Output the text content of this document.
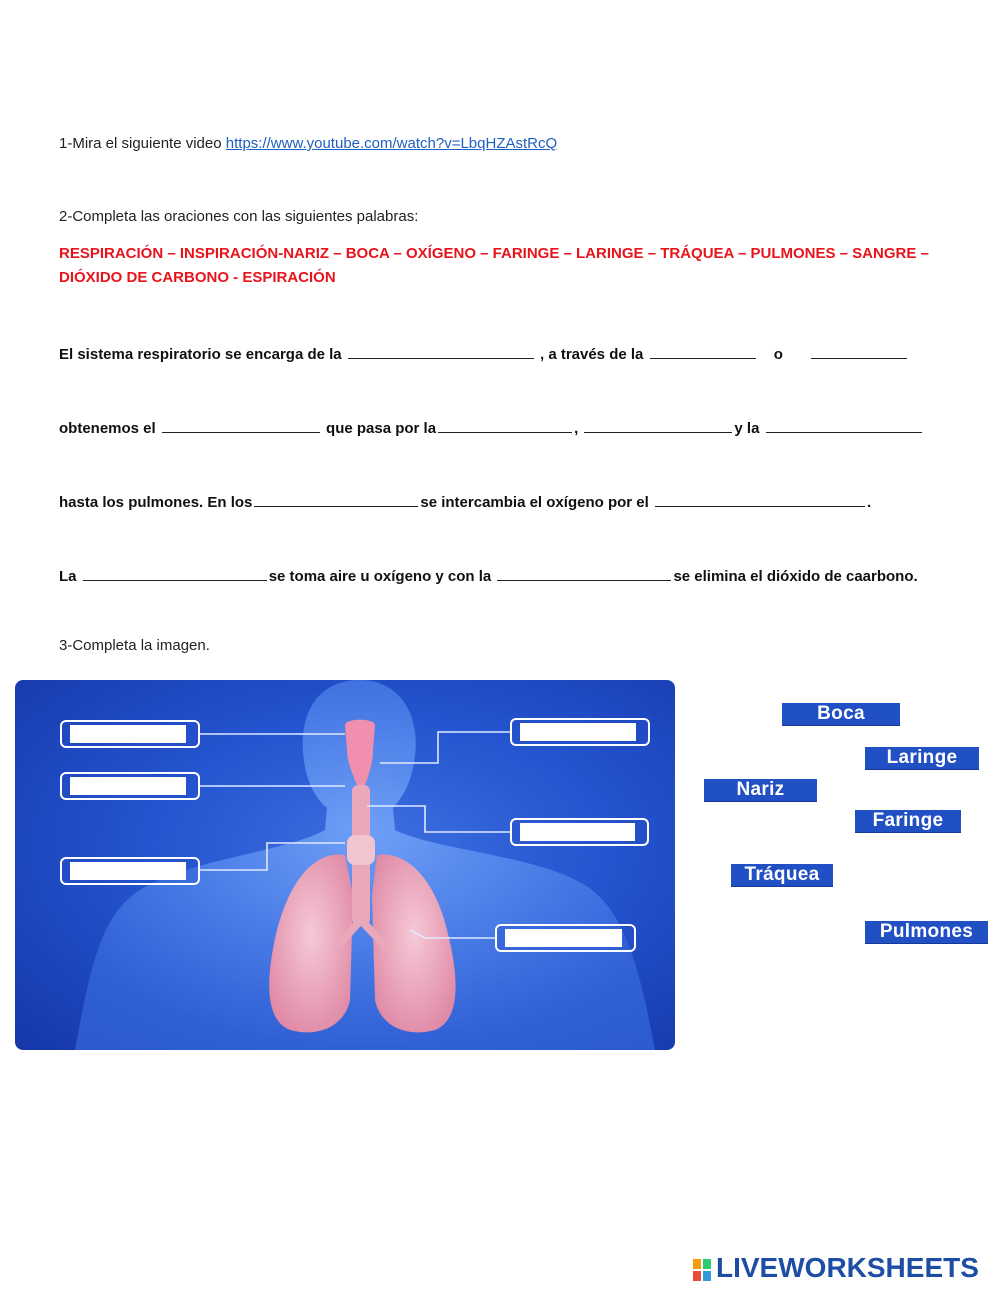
1-Mira el siguiente video https://www.youtube.com/watch?v=LbqHZAstRcQ
2-Completa las oraciones con las siguientes palabras:
RESPIRACIÓN – INSPIRACIÓN-NARIZ – BOCA – OXÍGENO – FARINGE – LARINGE – TRÁQUEA – PULMONES – SANGRE –
DIÓXIDO DE CARBONO - ESPIRACIÓN
El sistema respiratorio se encarga de la	, a través de la	o
obtenemos el	que pasa por la	,	y la
hasta los pulmones. En los	se intercambia el oxígeno por el	.
La	se toma aire u oxígeno y con la	se elimina el dióxido de caarbono.
3-Completa la imagen.
Boca
Laringe
Nariz
Faringe
Tráquea
Pulmones
LIVEWORKSHEETS
